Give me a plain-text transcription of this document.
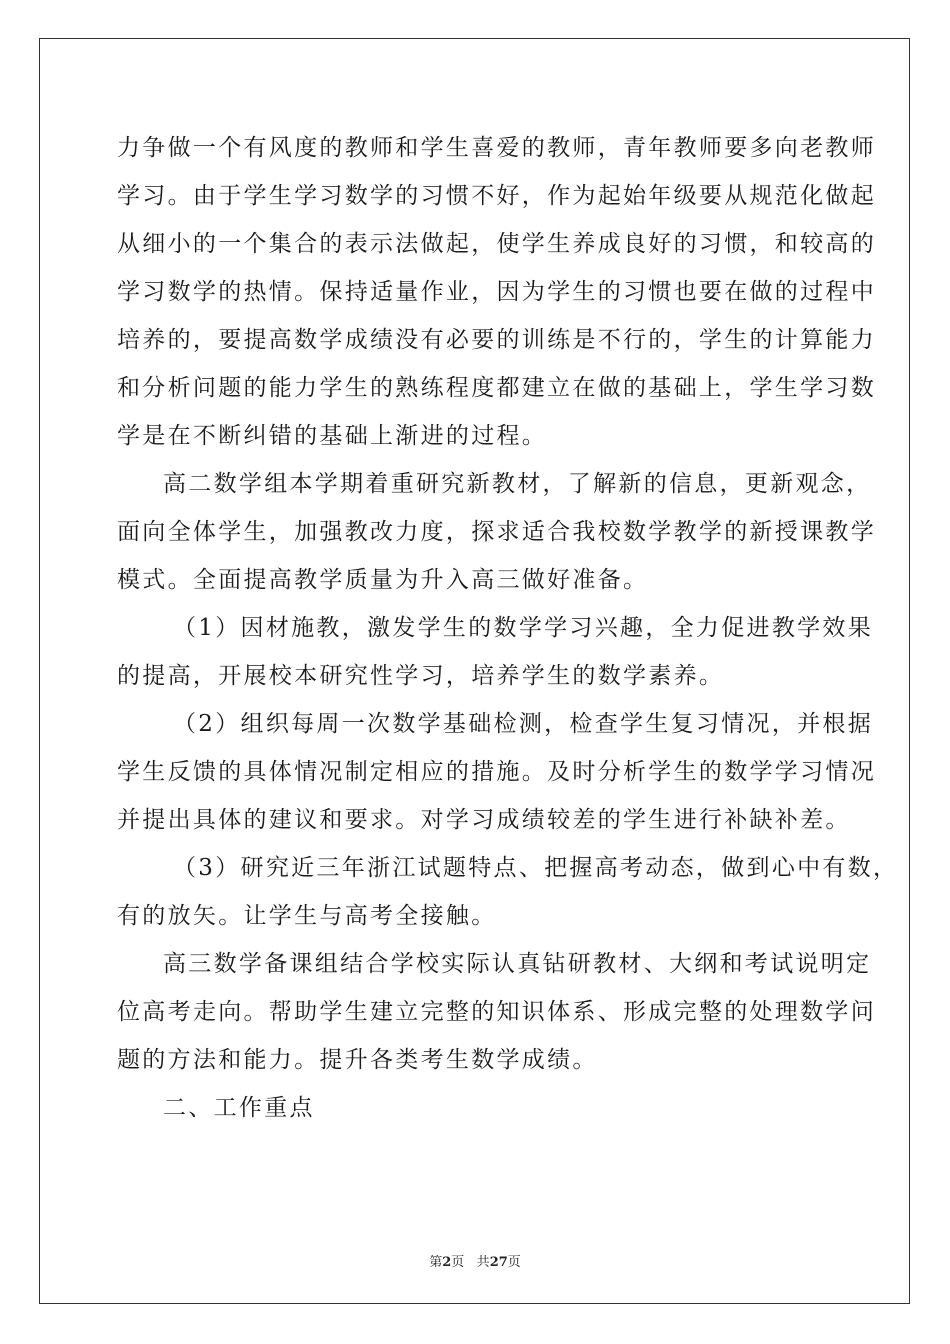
力争做一个有风度的教师和学生喜爱的教师，青年教师要多向老教师
学习。由于学生学习数学的习惯不好，作为起始年级要从规范化做起
从细小的一个集合的表示法做起，使学生养成良好的习惯，和较高的
学习数学的热情。保持适量作业，因为学生的习惯也要在做的过程中
培养的，要提高数学成绩没有必要的训练是不行的，学生的计算能力
和分析问题的能力学生的熟练程度都建立在做的基础上，学生学习数
学是在不断纠错的基础上渐进的过程。
高二数学组本学期着重研究新教材，了解新的信息，更新观念，
面向全体学生，加强教改力度，探求适合我校数学教学的新授课教学
模式。全面提高教学质量为升入高三做好准备。
（1）因材施教，激发学生的数学学习兴趣，全力促进教学效果
的提高，开展校本研究性学习，培养学生的数学素养。
（2）组织每周一次数学基础检测，检查学生复习情况，并根据
学生反馈的具体情况制定相应的措施。及时分析学生的数学学习情况
并提出具体的建议和要求。对学习成绩较差的学生进行补缺补差。
（3）研究近三年浙江试题特点、把握高考动态，做到心中有数，
有的放矢。让学生与高考全接触。
高三数学备课组结合学校实际认真钻研教材、大纲和考试说明定
位高考走向。帮助学生建立完整的知识体系、形成完整的处理数学问
题的方法和能力。提升各类考生数学成绩。
二、工作重点
第2页 共27页
